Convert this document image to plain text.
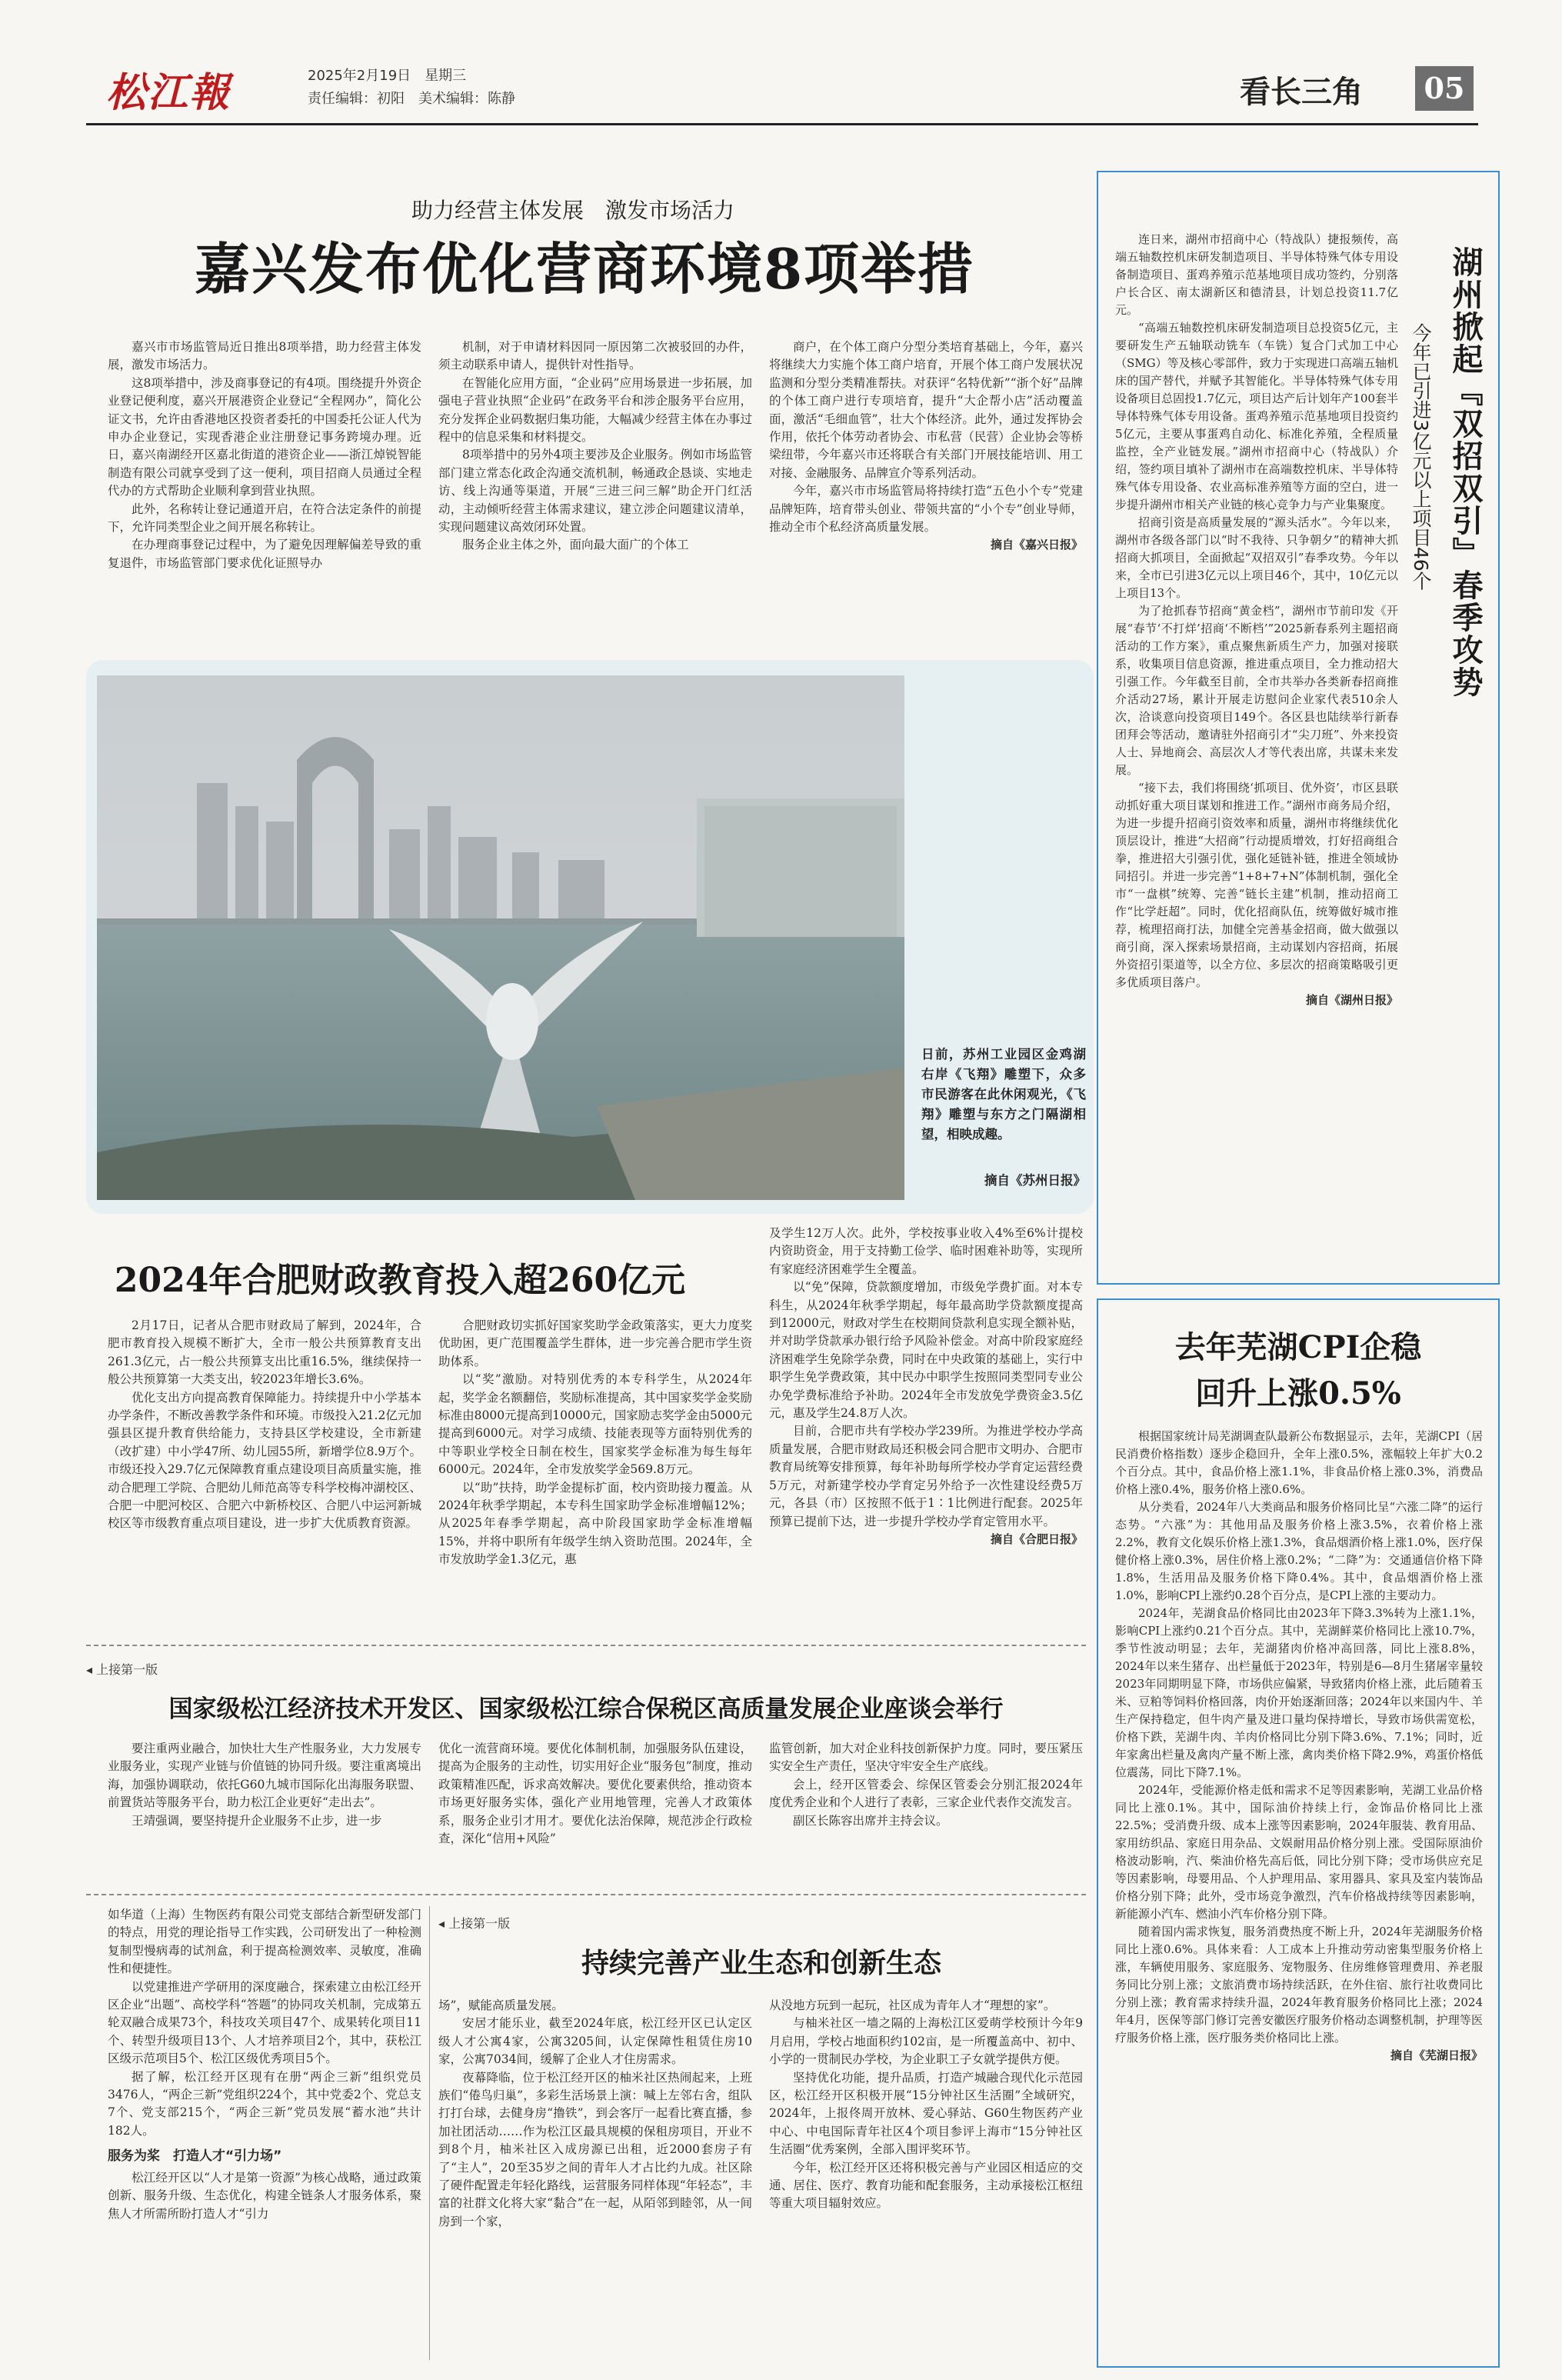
松江報	2025年2月19日　星期三
责任编辑：初阳　美术编辑：陈静	看长三角	05
助力经营主体发展　激发市场活力
嘉兴发布优化营商环境8项举措

嘉兴市市场监管局近日推出8项举措，助力经营主体发展，激发市场活力。

这8项举措中，涉及商事登记的有4项。围绕提升外资企业登记便利度，嘉兴开展港资企业登记“全程网办”，简化公证文书，允许由香港地区投资者委托的中国委托公证人代为申办企业登记，实现香港企业注册登记事务跨境办理。近日，嘉兴南湖经开区嘉北街道的港资企业——浙江焯锐智能制造有限公司就享受到了这一便利，项目招商人员通过全程代办的方式帮助企业顺利拿到营业执照。

此外，名称转让登记通道开启，在符合法定条件的前提下，允许同类型企业之间开展名称转让。

在办理商事登记过程中，为了避免因理解偏差导致的重复退件，市场监管部门要求优化证照导办

机制，对于申请材料因同一原因第二次被驳回的办件，须主动联系申请人，提供针对性指导。

在智能化应用方面，“企业码”应用场景进一步拓展，加强电子营业执照“企业码”在政务平台和涉企服务平台应用，充分发挥企业码数据归集功能，大幅减少经营主体在办事过程中的信息采集和材料提交。

8项举措中的另外4项主要涉及企业服务。例如市场监管部门建立常态化政企沟通交流机制，畅通政企恳谈、实地走访、线上沟通等渠道，开展“三进三问三解”助企开门红活动，主动倾听经营主体需求建议，建立涉企问题建议清单，实现问题建议高效闭环处置。

服务企业主体之外，面向最大面广的个体工

商户，在个体工商户分型分类培育基础上，今年，嘉兴将继续大力实施个体工商户培育，开展个体工商户发展状况监测和分型分类精准帮扶。对获评“名特优新”“浙个好”品牌的个体工商户进行专项培育，提升“大企帮小店”活动覆盖面，激活“毛细血管”，壮大个体经济。此外，通过发挥协会作用，依托个体劳动者协会、市私营（民营）企业协会等桥梁纽带，今年嘉兴市还将联合有关部门开展技能培训、用工对接、金融服务、品牌宣介等系列活动。

今年，嘉兴市市场监管局将持续打造“五色小个专”党建品牌矩阵，培育带头创业、带领共富的“小个专”创业导师，推动全市个私经济高质量发展。

摘自《嘉兴日报》

日前，苏州工业园区金鸡湖右岸《飞翔》雕塑下，众多市民游客在此休闲观光，《飞翔》雕塑与东方之门隔湖相望，相映成趣。
摘自《苏州日报》
2024年合肥财政教育投入超260亿元

2月17日，记者从合肥市财政局了解到，2024年，合肥市教育投入规模不断扩大，全市一般公共预算教育支出261.3亿元，占一般公共预算支出比重16.5%，继续保持一般公共预算第一大类支出，较2023年增长3.6%。

优化支出方向提高教育保障能力。持续提升中小学基本办学条件，不断改善教学条件和环境。市级投入21.2亿元加强县区提升教育供给能力，支持县区学校建设，全市新建（改扩建）中小学47所、幼儿园55所，新增学位8.9万个。市级还投入29.7亿元保障教育重点建设项目高质量实施，推动合肥理工学院、合肥幼儿师范高等专科学校梅冲湖校区、合肥一中肥河校区、合肥六中新桥校区、合肥八中运河新城校区等市级教育重点项目建设，进一步扩大优质教育资源。

合肥财政切实抓好国家奖助学金政策落实，更大力度奖优助困，更广范围覆盖学生群体，进一步完善合肥市学生资助体系。

以“奖”激励。对特别优秀的本专科学生，从2024年起，奖学金名额翻倍，奖励标准提高，其中国家奖学金奖励标准由8000元提高到10000元，国家励志奖学金由5000元提高到6000元。对学习成绩、技能表现等方面特别优秀的中等职业学校全日制在校生，国家奖学金标准为每生每年6000元。2024年，全市发放奖学金569.8万元。

以“助”扶持，助学金提标扩面，校内资助接力覆盖。从2024年秋季学期起，本专科生国家助学金标准增幅12%；从2025年春季学期起，高中阶段国家助学金标准增幅15%，并将中职所有年级学生纳入资助范围。2024年，全市发放助学金1.3亿元，惠

及学生12万人次。此外，学校按事业收入4%至6%计提校内资助资金，用于支持勤工俭学、临时困难补助等，实现所有家庭经济困难学生全覆盖。

以“免”保障，贷款额度增加，市级免学费扩面。对本专科生，从2024年秋季学期起，每年最高助学贷款额度提高到12000元，财政对学生在校期间贷款利息实现全额补贴，并对助学贷款承办银行给予风险补偿金。对高中阶段家庭经济困难学生免除学杂费，同时在中央政策的基础上，实行中职学生免学费政策，其中民办中职学生按照同类型同专业公办免学费标准给予补助。2024年全市发放免学费资金3.5亿元，惠及学生24.8万人次。

目前，合肥市共有学校办学239所。为推进学校办学高质量发展，合肥市财政局还积极会同合肥市文明办、合肥市教育局统筹安排预算，每年补助每所学校办学育定运营经费5万元，对新建学校办学育定另外给予一次性建设经费5万元，各县（市）区按照不低于1∶1比例进行配套。2025年预算已提前下达，进一步提升学校办学育定管用水平。

摘自《合肥日报》

连日来，湖州市招商中心（特战队）捷报频传，高端五轴数控机床研发制造项目、半导体特殊气体专用设备制造项目、蛋鸡养殖示范基地项目成功签约，分别落户长合区、南太湖新区和德清县，计划总投资11.7亿元。

“高端五轴数控机床研发制造项目总投资5亿元，主要研发生产五轴联动铣车（车铣）复合门式加工中心（SMG）等及核心零部件，致力于实现进口高端五轴机床的国产替代，并赋予其智能化。半导体特殊气体专用设备项目总固投1.7亿元，项目达产后计划年产100套半导体特殊气体专用设备。蛋鸡养殖示范基地项目投资约5亿元，主要从事蛋鸡自动化、标准化养殖，全程质量监控，全产业链发展。”湖州市招商中心（特战队）介绍，签约项目填补了湖州市在高端数控机床、半导体特殊气体专用设备、农业高标准养殖等方面的空白，进一步提升湖州市相关产业链的核心竞争力与产业集聚度。

招商引资是高质量发展的“源头活水”。今年以来，湖州市各级各部门以“时不我待、只争朝夕”的精神大抓招商大抓项目，全面掀起“双招双引”春季攻势。今年以来，全市已引进3亿元以上项目46个，其中，10亿元以上项目13个。

为了抢抓春节招商“黄金档”，湖州市节前印发《开展“春节‘不打烊’招商‘不断档’”2025新春系列主题招商活动的工作方案》，重点聚焦新质生产力，加强对接联系，收集项目信息资源，推进重点项目，全力推动招大引强工作。今年截至目前，全市共举办各类新春招商推介活动27场，累计开展走访慰问企业家代表510余人次，洽谈意向投资项目149个。各区县也陆续举行新春团拜会等活动，邀请驻外招商引才“尖刀班”、外来投资人士、异地商会、高层次人才等代表出席，共谋未来发展。

“接下去，我们将围绕‘抓项目、优外资’，市区县联动抓好重大项目谋划和推进工作。”湖州市商务局介绍，为进一步提升招商引资效率和质量，湖州市将继续优化顶层设计，推进“大招商”行动提质增效，打好招商组合拳，推进招大引强引优，强化延链补链，推进全领域协同招引。并进一步完善“1+8+7+N”体制机制，强化全市“一盘棋”统筹、完善“链长主建”机制，推动招商工作“比学赶超”。同时，优化招商队伍，统筹做好城市推荐，梳理招商打法，加健全完善基金招商，做大做强以商引商，深入探索场景招商，主动谋划内容招商，拓展外资招引渠道等，以全方位、多层次的招商策略吸引更多优质项目落户。

摘自《湖州日报》

湖州掀起『双招双引』春季攻势
今年已引进3亿元以上项目46个
去年芜湖CPI企稳
回升上涨0.5%

根据国家统计局芜湖调查队最新公布数据显示，去年，芜湖CPI（居民消费价格指数）逐步企稳回升，全年上涨0.5%，涨幅较上年扩大0.2个百分点。其中，食品价格上涨1.1%，非食品价格上涨0.3%，消费品价格上涨0.4%，服务价格上涨0.6%。

从分类看，2024年八大类商品和服务价格同比呈“六涨二降”的运行态势。“六涨”为：其他用品及服务价格上涨3.5%，衣着价格上涨2.2%，教育文化娱乐价格上涨1.3%，食品烟酒价格上涨1.0%，医疗保健价格上涨0.3%，居住价格上涨0.2%；“二降”为：交通通信价格下降1.8%，生活用品及服务价格下降0.4%。其中，食品烟酒价格上涨1.0%，影响CPI上涨约0.28个百分点，是CPI上涨的主要动力。

2024年，芜湖食品价格同比由2023年下降3.3%转为上涨1.1%，影响CPI上涨约0.21个百分点。其中，芜湖鲜菜价格同比上涨10.7%，季节性波动明显；去年，芜湖猪肉价格冲高回落，同比上涨8.8%，2024年以来生猪存、出栏量低于2023年，特别是6—8月生猪屠宰量较2023年同期明显下降，市场供应偏紧，导致猪肉价格上涨，此后随着玉米、豆粕等饲料价格回落，肉价开始逐渐回落；2024年以来国内牛、羊生产保持稳定，但牛肉产量及进口量均保持增长，导致市场供需宽松，价格下跌，芜湖牛肉、羊肉价格同比分别下降3.6%、7.1%；同时，近年家禽出栏量及禽肉产量不断上涨，禽肉类价格下降2.9%，鸡蛋价格低位震荡，同比下降7.1%。

2024年，受能源价格走低和需求不足等因素影响，芜湖工业品价格同比上涨0.1%。其中，国际油价持续上行，金饰品价格同比上涨22.5%；受消费升级、成本上涨等因素影响，2024年服装、教育用品、家用纺织品、家庭日用杂品、文娱耐用品价格分别上涨。受国际原油价格波动影响，汽、柴油价格先高后低，同比分别下降；受市场供应充足等因素影响，母婴用品、个人护理用品、家用器具、家具及室内装饰品价格分别下降；此外，受市场竞争激烈，汽车价格战持续等因素影响，新能源小汽车、燃油小汽车价格分别下降。

随着国内需求恢复，服务消费热度不断上升，2024年芜湖服务价格同比上涨0.6%。具体来看：人工成本上升推动劳动密集型服务价格上涨，车辆使用服务、家庭服务、宠物服务、住房维修管理费用、养老服务同比分别上涨；文旅消费市场持续活跃，在外住宿、旅行社收费同比分别上涨；教育需求持续升温，2024年教育服务价格同比上涨；2024年4月，医保等部门修订完善安徽医疗服务价格动态调整机制，护理等医疗服务价格上涨，医疗服务类价格同比上涨。

摘自《芜湖日报》

◂ 上接第一版
国家级松江经济技术开发区、国家级松江综合保税区高质量发展企业座谈会举行

要注重两业融合，加快壮大生产性服务业，大力发展专业服务业，实现产业链与价值链的协同升级。要注重离境出海，加强协调联动，依托G60九城市国际化出海服务联盟、前置货站等服务平台，助力松江企业更好“走出去”。

王靖强调，要坚持提升企业服务不止步，进一步

优化一流营商环境。要优化体制机制，加强服务队伍建设，提高为企服务的主动性，切实用好企业“服务包”制度，推动政策精准匹配，诉求高效解决。要优化要素供给，推动资本市场更好服务实体，强化产业用地管理，完善人才政策体系，服务企业引才用才。要优化法治保障，规范涉企行政检查，深化“信用+风险”

监管创新，加大对企业科技创新保护力度。同时，要压紧压实安全生产责任，坚决守牢安全生产底线。

会上，经开区管委会、综保区管委会分别汇报2024年度优秀企业和个人进行了表彰，三家企业代表作交流发言。

副区长陈容出席并主持会议。

如华道（上海）生物医药有限公司党支部结合新型研发部门的特点，用党的理论指导工作实践，公司研发出了一种检测复制型慢病毒的试剂盒，利于提高检测效率、灵敏度，准确性和便捷性。

以党建推进产学研用的深度融合，探索建立由松江经开区企业“出题”、高校学科“答题”的协同攻关机制，完成第五轮双融合成果73个，科技攻关项目47个、成果转化项目11个、转型升级项目13个、人才培养项目2个，其中，获松江区级示范项目5个、松江区级优秀项目5个。

据了解，松江经开区现有在册“两企三新”组织党员3476人，“两企三新”党组织224个，其中党委2个、党总支7个、党支部215个，“两企三新”党员发展“蓄水池”共计182人。

服务为桨　打造人才“引力场”

松江经开区以“人才是第一资源”为核心战略，通过政策创新、服务升级、生态优化，构建全链条人才服务体系，聚焦人才所需所盼打造人才“引力

◂ 上接第一版
持续完善产业生态和创新生态

场”，赋能高质量发展。

安居才能乐业，截至2024年底，松江经开区已认定区级人才公寓4家，公寓3205间，认定保障性租赁住房10家，公寓7034间，缓解了企业人才住房需求。

夜幕降临，位于松江经开区的柚米社区热闹起来，上班族们“倦鸟归巢”，多彩生活场景上演：喊上左邻右舍，组队打打台球，去健身房“撸铁”，到会客厅一起看比赛直播，参加社团活动……作为松江区最具规模的保租房项目，开业不到8个月，柚米社区入成房源已出租，近2000套房子有了“主人”，20至35岁之间的青年人才占比约九成。社区除了硬件配置走年轻化路线，运营服务同样体现“年轻态”，丰富的社群文化将大家“黏合”在一起，从陌邻到睦邻，从一间房到一个家，

从没地方玩到一起玩，社区成为青年人才“理想的家”。

与柚米社区一墙之隔的上海松江区爱萌学校预计今年9月启用，学校占地面积约102亩，是一所覆盖高中、初中、小学的一贯制民办学校，为企业职工子女就学提供方便。

坚持优化功能，提升品质，打造产城融合现代化示范园区，松江经开区积极开展“15分钟社区生活圈”全域研究，2024年，上报佟周开放林、爱心驿站、G60生物医药产业中心、中电国际青年社区4个项目参评上海市“15分钟社区生活圈”优秀案例，全部入围评奖环节。

今年，松江经开区还将积极完善与产业园区相适应的交通、居住、医疗、教育功能和配套服务，主动承接松江枢纽等重大项目辐射效应。
